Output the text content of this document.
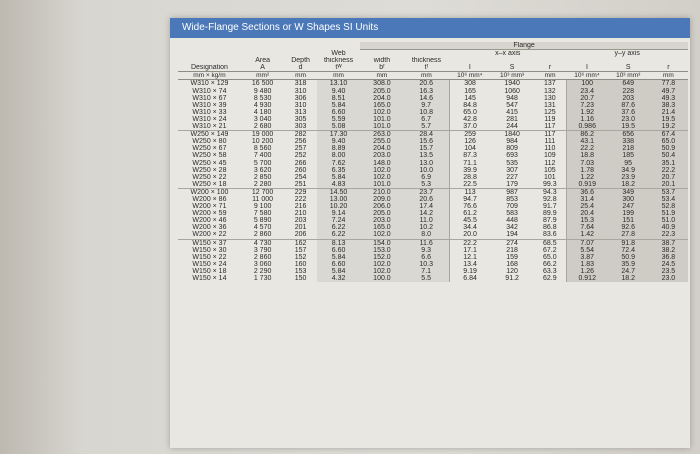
Wide-Flange Sections or W Shapes SI Units
				Flange							
			Web			x–x axis			y–y axis		
	Area	Depth	thickness	width	thickness						
Designation	A	d	tᵂ	bᶠ	tᶠ	I	S	r	I	S	r
mm × kg/m	mm²	mm	mm	mm	mm	10⁶ mm⁴	10³ mm³	mm	10⁶ mm⁴	10³ mm³	mm
W310 × 129	16 500	318	13.10	308.0	20.6	308	1940	137	100	649	77.8
W310 × 74	9 480	310	9.40	205.0	16.3	165	1060	132	23.4	228	49.7
W310 × 67	8 530	306	8.51	204.0	14.6	145	948	130	20.7	203	49.3
W310 × 39	4 930	310	5.84	165.0	9.7	84.8	547	131	7.23	87.6	38.3
W310 × 33	4 180	313	6.60	102.0	10.8	65.0	415	125	1.92	37.6	21.4
W310 × 24	3 040	305	5.59	101.0	6.7	42.8	281	119	1.16	23.0	19.5
W310 × 21	2 680	303	5.08	101.0	5.7	37.0	244	117	0.986	19.5	19.2
W250 × 149	19 000	282	17.30	263.0	28.4	259	1840	117	86.2	656	67.4
W250 × 80	10 200	256	9.40	255.0	15.6	126	984	111	43.1	338	65.0
W250 × 67	8 560	257	8.89	204.0	15.7	104	809	110	22.2	218	50.9
W250 × 58	7 400	252	8.00	203.0	13.5	87.3	693	109	18.8	185	50.4
W250 × 45	5 700	266	7.62	148.0	13.0	71.1	535	112	7.03	95	35.1
W250 × 28	3 620	260	6.35	102.0	10.0	39.9	307	105	1.78	34.9	22.2
W250 × 22	2 850	254	5.84	102.0	6.9	28.8	227	101	1.22	23.9	20.7
W250 × 18	2 280	251	4.83	101.0	5.3	22.5	179	99.3	0.919	18.2	20.1
W200 × 100	12 700	229	14.50	210.0	23.7	113	987	94.3	36.6	349	53.7
W200 × 86	11 000	222	13.00	209.0	20.6	94.7	853	92.8	31.4	300	53.4
W200 × 71	9 100	216	10.20	206.0	17.4	76.6	709	91.7	25.4	247	52.8
W200 × 59	7 580	210	9.14	205.0	14.2	61.2	583	89.9	20.4	199	51.9
W200 × 46	5 890	203	7.24	203.0	11.0	45.5	448	87.9	15.3	151	51.0
W200 × 36	4 570	201	6.22	165.0	10.2	34.4	342	86.8	7.64	92.6	40.9
W200 × 22	2 860	206	6.22	102.0	8.0	20.0	194	83.6	1.42	27.8	22.3
W150 × 37	4 730	162	8.13	154.0	11.6	22.2	274	68.5	7.07	91.8	38.7
W150 × 30	3 790	157	6.60	153.0	9.3	17.1	218	67.2	5.54	72.4	38.2
W150 × 22	2 860	152	5.84	152.0	6.6	12.1	159	65.0	3.87	50.9	36.8
W150 × 24	3 060	160	6.60	102.0	10.3	13.4	168	66.2	1.83	35.9	24.5
W150 × 18	2 290	153	5.84	102.0	7.1	9.19	120	63.3	1.26	24.7	23.5
W150 × 14	1 730	150	4.32	100.0	5.5	6.84	91.2	62.9	0.912	18.2	23.0
